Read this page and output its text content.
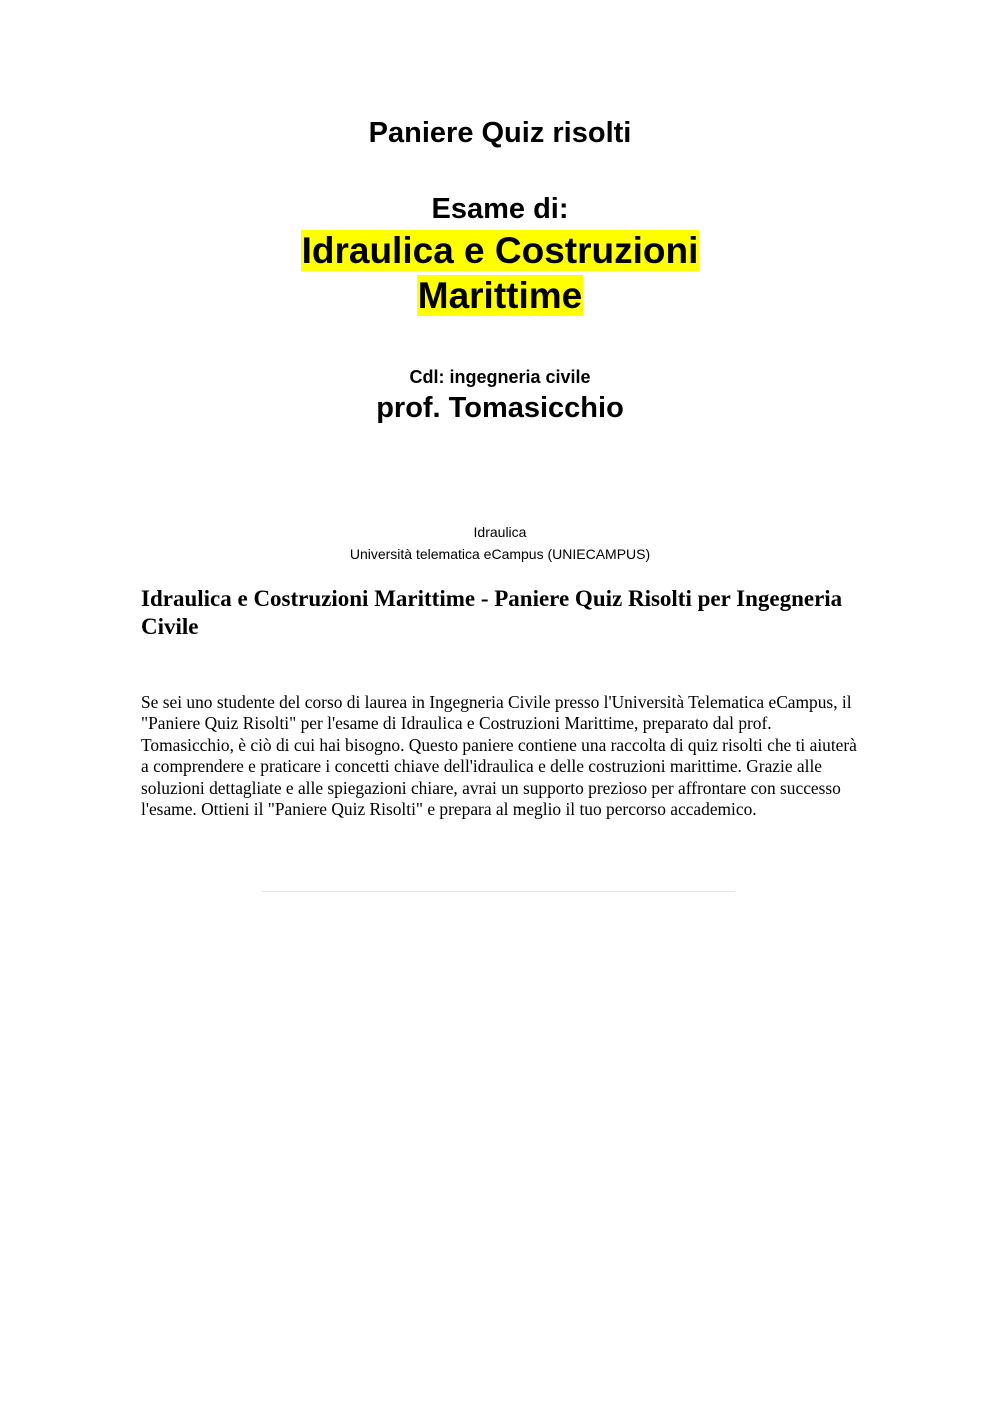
Paniere Quiz risolti
Esame di:
Idraulica e Costruzioni
Marittime
Cdl: ingegneria civile
prof. Tomasicchio
Idraulica
Università telematica eCampus (UNIECAMPUS)
Idraulica e Costruzioni Marittime - Paniere Quiz Risolti per Ingegneria Civile

Se sei uno studente del corso di laurea in Ingegneria Civile presso l'Università Telematica eCampus, il "Paniere Quiz Risolti" per l'esame di Idraulica e Costruzioni Marittime, preparato dal prof. Tomasicchio, è ciò di cui hai bisogno. Questo paniere contiene una raccolta di quiz risolti che ti aiuterà a comprendere e praticare i concetti chiave dell'idraulica e delle costruzioni marittime. Grazie alle soluzioni dettagliate e alle spiegazioni chiare, avrai un supporto prezioso per affrontare con successo l'esame. Ottieni il "Paniere Quiz Risolti" e prepara al meglio il tuo percorso accademico.
